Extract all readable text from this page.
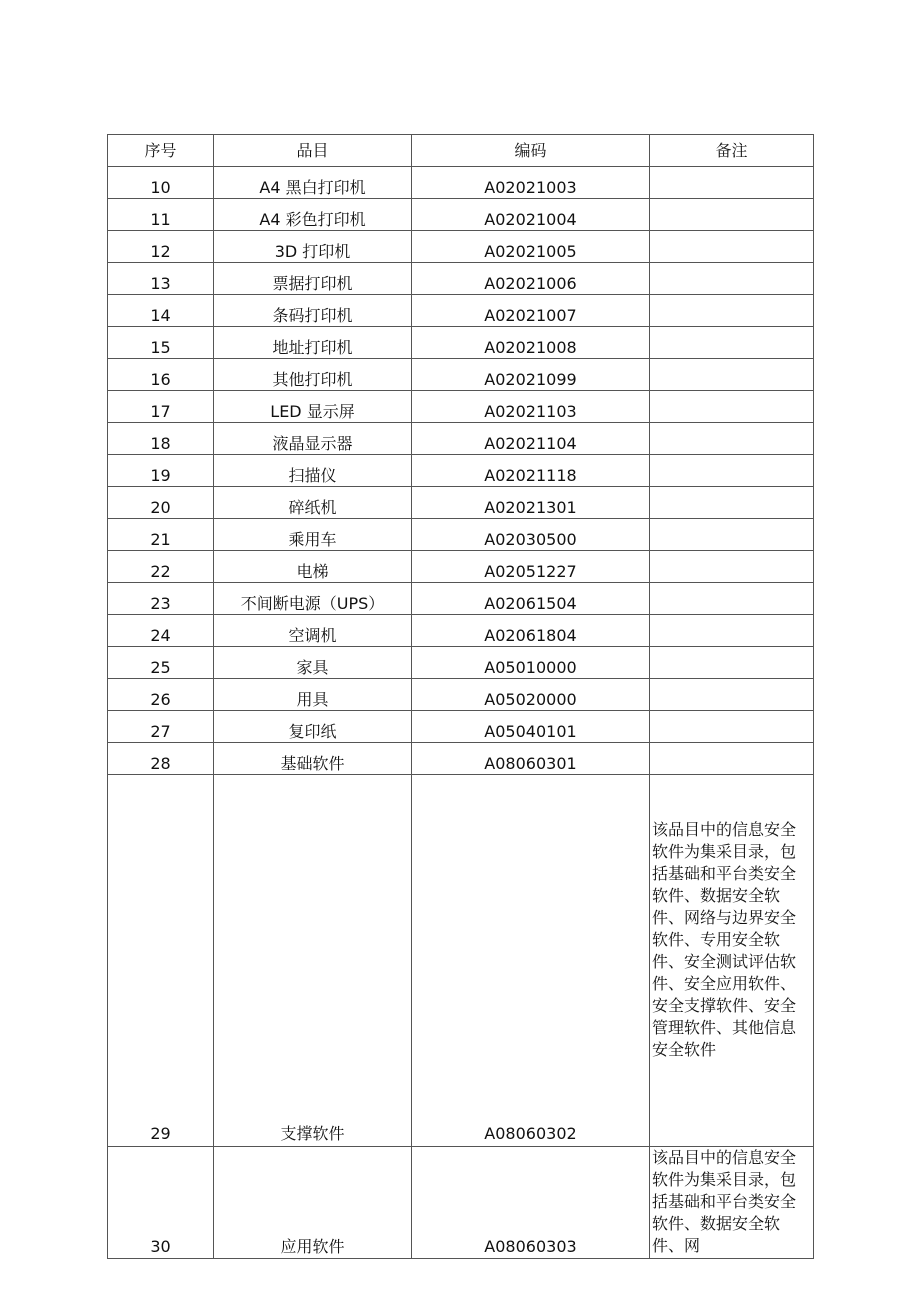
序号	品目	编码	备注
10	A4 黑白打印机	A02021003	
11	A4 彩色打印机	A02021004	
12	3D 打印机	A02021005	
13	票据打印机	A02021006	
14	条码打印机	A02021007	
15	地址打印机	A02021008	
16	其他打印机	A02021099	
17	LED 显示屏	A02021103	
18	液晶显示器	A02021104	
19	扫描仪	A02021118	
20	碎纸机	A02021301	
21	乘用车	A02030500	
22	电梯	A02051227	
23	不间断电源（UPS）	A02061504	
24	空调机	A02061804	
25	家具	A05010000	
26	用具	A05020000	
27	复印纸	A05040101	
28	基础软件	A08060301	
29	支撑软件	A08060302	该品目中的信息安全软件为集采目录，包括基础和平台类安全软件、数据安全软件、网络与边界安全软件、专用安全软件、安全测试评估软件、安全应用软件、安全支撑软件、安全管理软件、其他信息安全软件
30	应用软件	A08060303	该品目中的信息安全软件为集采目录，包括基础和平台类安全软件、数据安全软件、网
